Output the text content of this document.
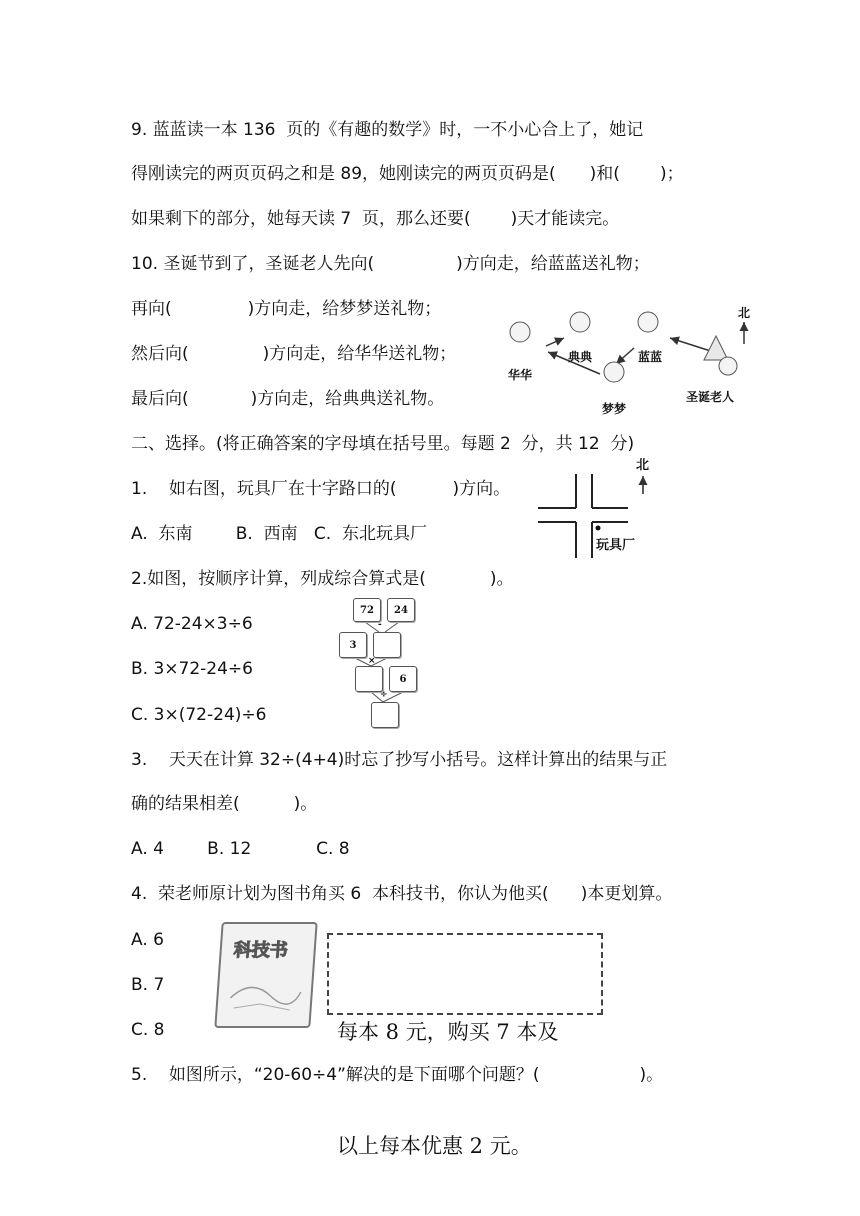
9. 蓝蓝读一本 136  页的《有趣的数学》时，一不小心合上了，她记
得刚读完的两页页码之和是 89，她刚读完的两页页码是( )和( )；
如果剩下的部分，她每天读 7  页，那么还要( )天才能读完。
10. 圣诞节到了，圣诞老人先向(	)方向走，给蓝蓝送礼物；
再向(	)方向走，给梦梦送礼物；
然后向(	)方向走，给华华送礼物；
最后向(	)方向走，给典典送礼物。
北
华华
典典	蓝蓝
梦梦
圣诞老人
二、选择。(将正确答案的字母填在括号里。每题 2  分，共 12  分)
1.    如右图，玩具厂在十字路口的(	)方向。
A.  东南        B.  西南   C.  东北玩具厂
北
玩具厂
2.如图，按顺序计算，列成综合算式是(	)。
A. 72-24×3÷6
B. 3×72-24÷6
C. 3×(72-24)÷6
72	24
-
3
×
6
÷
3.    天天在计算 32÷(4+4)时忘了抄写小括号。这样计算出的结果与正
确的结果相差(	)。
A. 4        B. 12            C. 8
4.  荣老师原计划为图书角买 6  本科技书，你认为他买( )本更划算。
A. 6
B. 7
C. 8
科技书

每本 8 元，购买 7 本及

以上每本优惠 2 元。

5.    如图所示，“20-60÷4”解决的是下面哪个问题？(	)。
